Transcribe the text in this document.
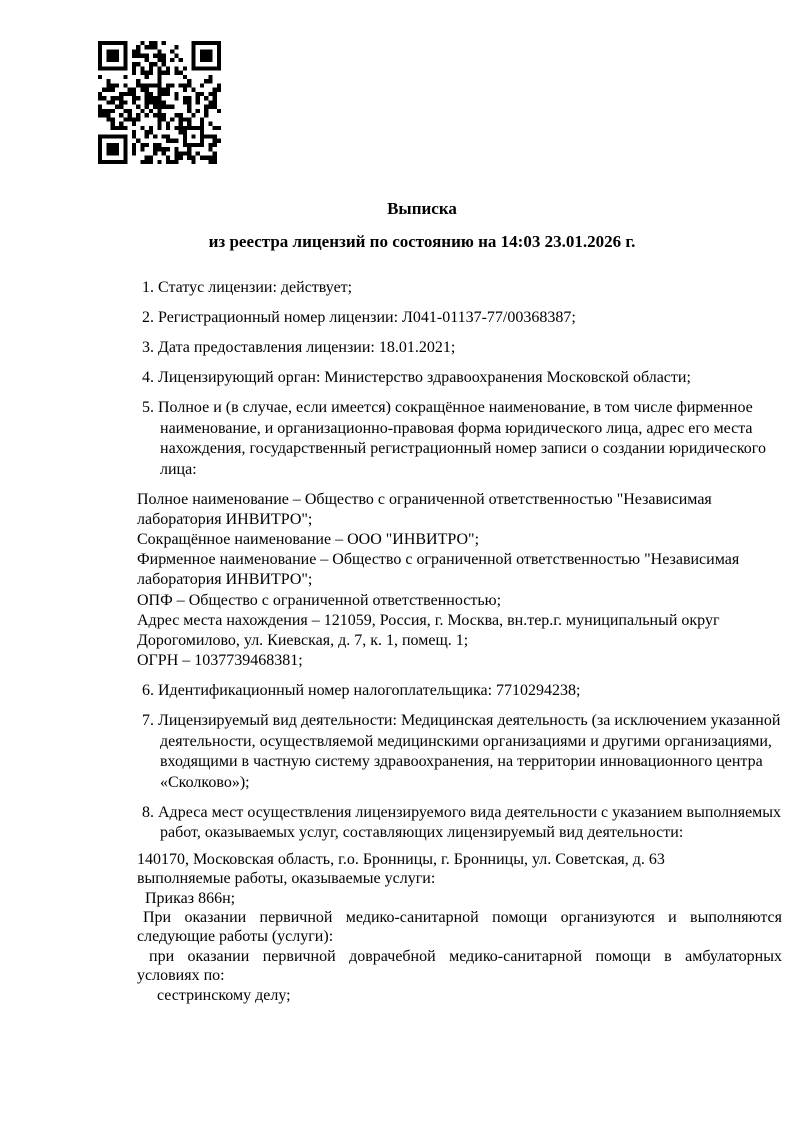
Выписка
из реестра лицензий по состоянию на 14:03 23.01.2026 г.
1. Статус лицензии: действует;
2. Регистрационный номер лицензии: Л041-01137-77/00368387;
3. Дата предоставления лицензии: 18.01.2021;
4. Лицензирующий орган: Министерство здравоохранения Московской области;
5. Полное и (в случае, если имеется) сокращённое наименование, в том числе фирменное наименование, и организационно-правовая форма юридического лица, адрес его места нахождения, государственный регистрационный номер записи о создании юридического лица:
Полное наименование – Общество с ограниченной ответственностью "Независимая лаборатория ИНВИТРО";
Сокращённое наименование – ООО "ИНВИТРО";
Фирменное наименование – Общество с ограниченной ответственностью "Независимая лаборатория ИНВИТРО";
ОПФ – Общество с ограниченной ответственностью;
Адрес места нахождения – 121059, Россия, г. Москва, вн.тер.г. муниципальный округ Дорогомилово, ул. Киевская, д. 7, к. 1, помещ. 1;
ОГРН – 1037739468381;
6. Идентификационный номер налогоплательщика: 7710294238;
7. Лицензируемый вид деятельности: Медицинская деятельность (за исключением указанной деятельности, осуществляемой медицинскими организациями и другими организациями, входящими в частную систему здравоохранения, на территории инновационного центра «Сколково»);
8. Адреса мест осуществления лицензируемого вида деятельности с указанием выполняемых работ, оказываемых услуг, составляющих лицензируемый вид деятельности:
140170, Московская область, г.о. Бронницы, г. Бронницы, ул. Советская, д. 63
выполняемые работы, оказываемые услуги:
Приказ 866н;
При оказании первичной медико-санитарной помощи организуются и выполняются
следующие работы (услуги):
при оказании первичной доврачебной медико-санитарной помощи в амбулаторных
условиях по:
сестринскому делу;
